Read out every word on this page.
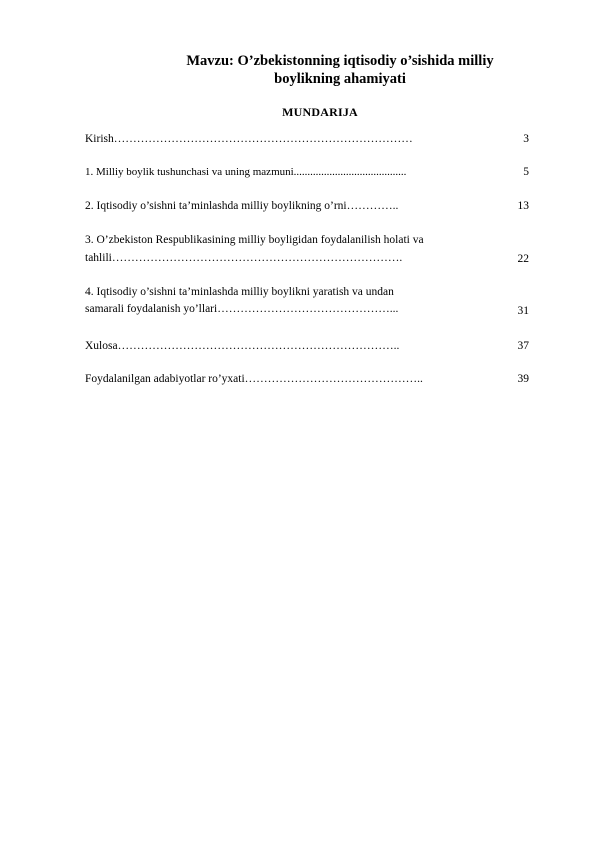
Mavzu: O’zbekistonning iqtisodiy o’sishida milliy
boylikning ahamiyati
MUNDARIJA
Kirish……………………………………………………………………	3
1. Milliy boylik tushunchasi va uning mazmuni.........................................	5
2. Iqtisodiy o’sishni ta’minlashda milliy boylikning o’rni…………..	13
3. O’zbekiston Respublikasining milliy boyligidan foydalanilish holati va
tahlili………………………………………………………………….	22
4. Iqtisodiy o’sishni ta’minlashda milliy boylikni yaratish va undan
samarali foydalanish yo’llari………………………………………...	31
Xulosa………………………………………………………………..	37
Foydalanilgan adabiyotlar ro’yxati………………………………………..	39
